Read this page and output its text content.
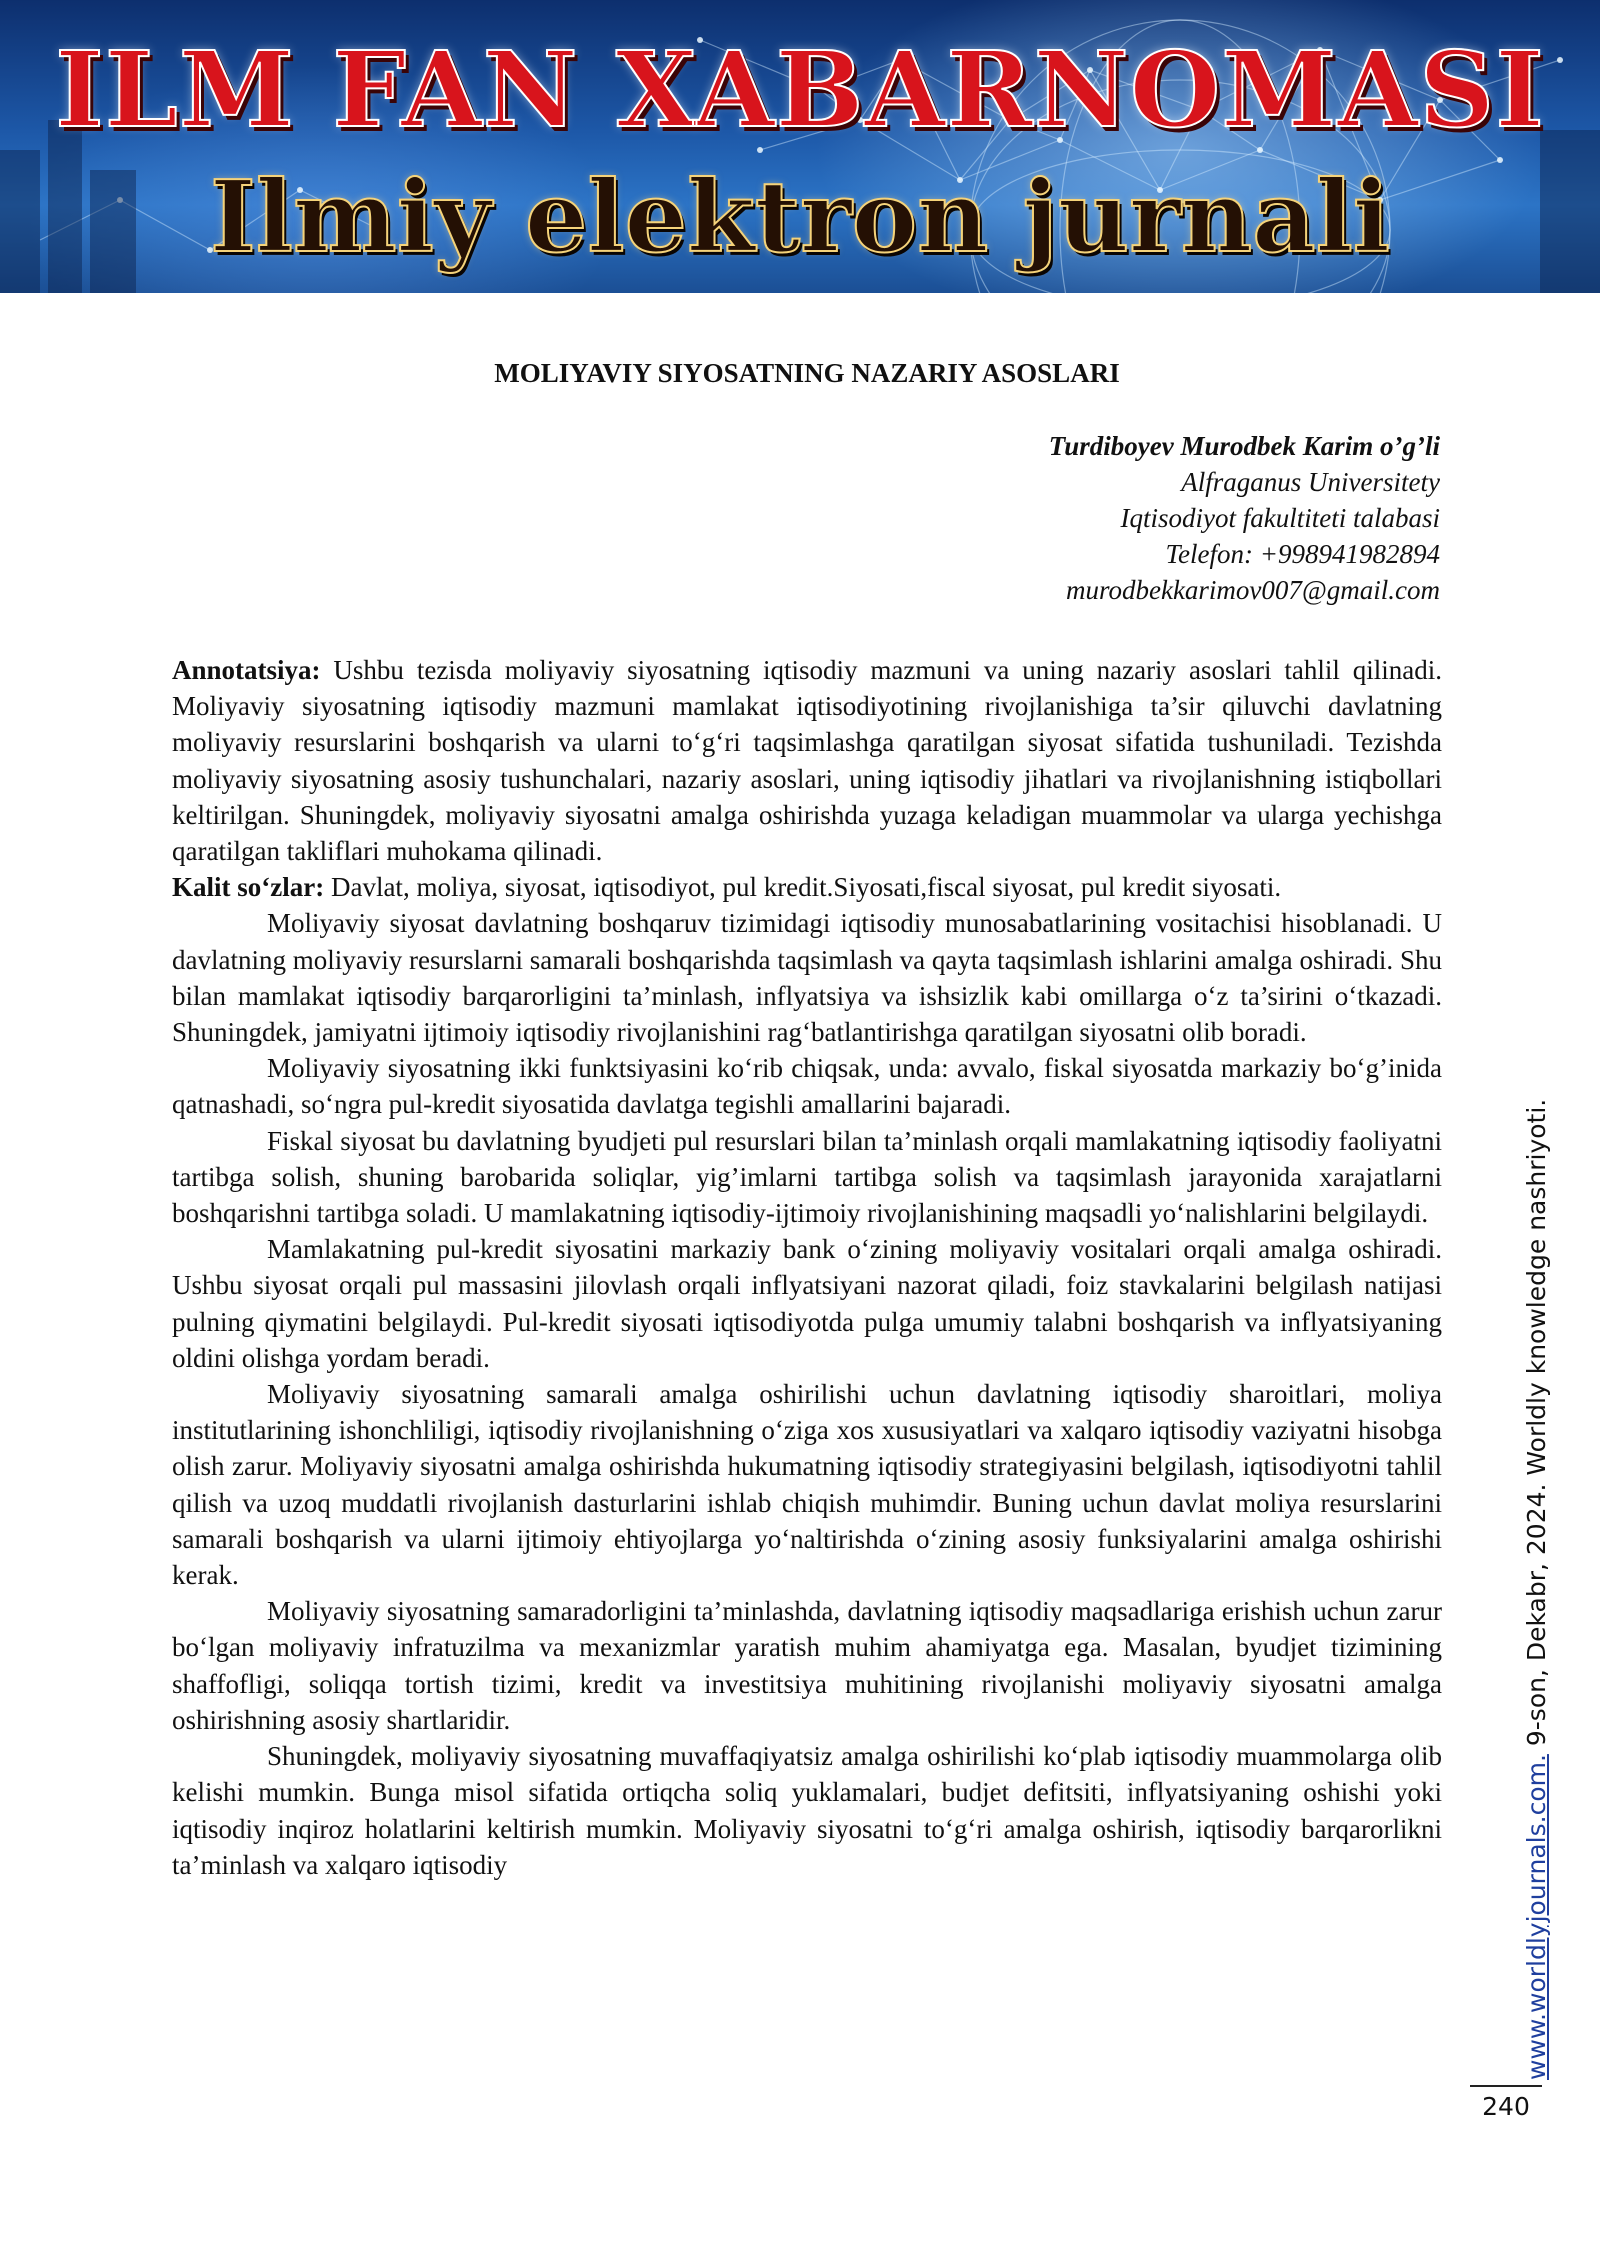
ILM FAN XABARNOMASI
Ilmiy elektron jurnali
MOLIYAVIY SIYOSATNING NAZARIY ASOSLARI
Turdiboyev Murodbek Karim o’g’li
Alfraganus Universitety
Iqtisodiyot fakultiteti talabasi
Telefon: +998941982894
murodbekkarimov007@gmail.com

Annotatsiya: Ushbu tezisda moliyaviy siyosatning iqtisodiy mazmuni va uning nazariy asoslari tahlil qilinadi. Moliyaviy siyosatning iqtisodiy mazmuni mamlakat iqtisodiyotining rivojlanishiga ta’sir qiluvchi davlatning moliyaviy resurslarini boshqarish va ularni to‘g‘ri taqsimlashga qaratilgan siyosat sifatida tushuniladi. Tezishda moliyaviy siyosatning asosiy tushunchalari, nazariy asoslari, uning iqtisodiy jihatlari va rivojlanishning istiqbollari keltirilgan. Shuningdek, moliyaviy siyosatni amalga oshirishda yuzaga keladigan muammolar va ularga yechishga qaratilgan takliflari muhokama qilinadi.

Kalit so‘zlar: Davlat, moliya, siyosat, iqtisodiyot, pul kredit.Siyosati,fiscal siyosat, pul kredit siyosati.

Moliyaviy siyosat davlatning boshqaruv tizimidagi iqtisodiy munosabatlarining vositachisi hisoblanadi. U davlatning moliyaviy resurslarni samarali boshqarishda taqsimlash va qayta taqsimlash ishlarini amalga oshiradi. Shu bilan mamlakat iqtisodiy barqarorligini ta’minlash, inflyatsiya va ishsizlik kabi omillarga o‘z ta’sirini o‘tkazadi. Shuningdek, jamiyatni ijtimoiy iqtisodiy rivojlanishini rag‘batlantirishga qaratilgan siyosatni olib boradi.

Moliyaviy siyosatning ikki funktsiyasini ko‘rib chiqsak, unda: avvalo, fiskal siyosatda markaziy bo‘g’inida qatnashadi, so‘ngra pul-kredit siyosatida davlatga tegishli amallarini bajaradi.

Fiskal siyosat bu davlatning byudjeti pul resurslari bilan ta’minlash orqali mamlakatning iqtisodiy faoliyatni tartibga solish, shuning barobarida soliqlar, yig’imlarni tartibga solish va taqsimlash jarayonida xarajatlarni boshqarishni tartibga soladi. U mamlakatning iqtisodiy-ijtimoiy rivojlanishining maqsadli yo‘nalishlarini belgilaydi.

Mamlakatning pul-kredit siyosatini markaziy bank o‘zining moliyaviy vositalari orqali amalga oshiradi. Ushbu siyosat orqali pul massasini jilovlash orqali inflyatsiyani nazorat qiladi, foiz stavkalarini belgilash natijasi pulning qiymatini belgilaydi. Pul-kredit siyosati iqtisodiyotda pulga umumiy talabni boshqarish va inflyatsiyaning oldini olishga yordam beradi.

Moliyaviy siyosatning samarali amalga oshirilishi uchun davlatning iqtisodiy sharoitlari, moliya institutlarining ishonchliligi, iqtisodiy rivojlanishning o‘ziga xos xususiyatlari va xalqaro iqtisodiy vaziyatni hisobga olish zarur. Moliyaviy siyosatni amalga oshirishda hukumatning iqtisodiy strategiyasini belgilash, iqtisodiyotni tahlil qilish va uzoq muddatli rivojlanish dasturlarini ishlab chiqish muhimdir. Buning uchun davlat moliya resurslarini samarali boshqarish va ularni ijtimoiy ehtiyojlarga yo‘naltirishda o‘zining asosiy funksiyalarini amalga oshirishi kerak.

Moliyaviy siyosatning samaradorligini ta’minlashda, davlatning iqtisodiy maqsadlariga erishish uchun zarur bo‘lgan moliyaviy infratuzilma va mexanizmlar yaratish muhim ahamiyatga ega. Masalan, byudjet tizimining shaffofligi, soliqqa tortish tizimi, kredit va investitsiya muhitining rivojlanishi moliyaviy siyosatni amalga oshirishning asosiy shartlaridir.

Shuningdek, moliyaviy siyosatning muvaffaqiyatsiz amalga oshirilishi ko‘plab iqtisodiy muammolarga olib kelishi mumkin. Bunga misol sifatida ortiqcha soliq yuklamalari, budjet defitsiti, inflyatsiyaning oshishi yoki iqtisodiy inqiroz holatlarini keltirish mumkin. Moliyaviy siyosatni to‘g‘ri amalga oshirish, iqtisodiy barqarorlikni ta’minlash va xalqaro iqtisodiy	www.worldlyjournals.com. 9-son, Dekabr, 2024. Worldly knowledge nashriyoti.
240
